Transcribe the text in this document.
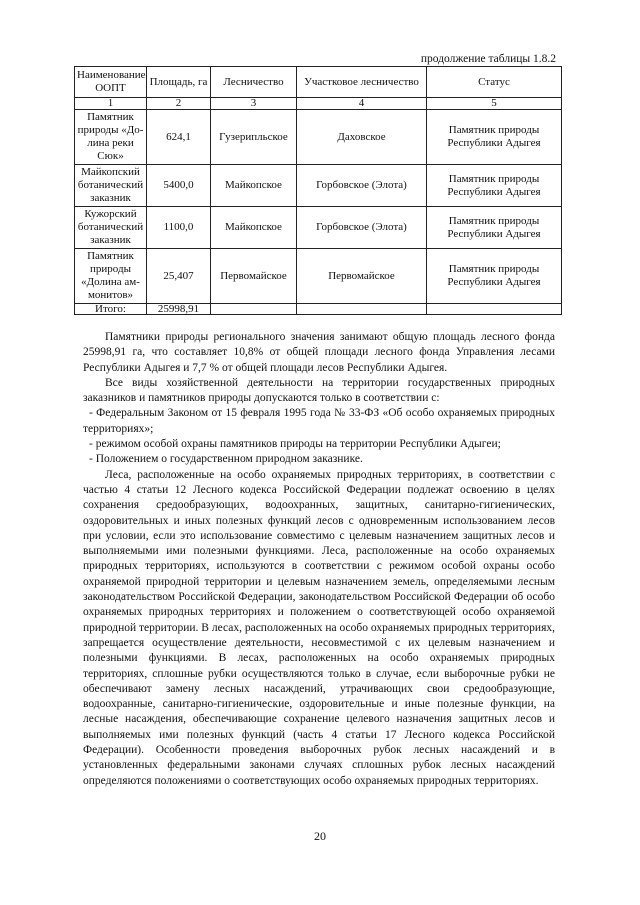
продолжение таблицы 1.8.2
Наименование ООПТ	Площадь, га	Лесничество	Участковое лесничество	Статус
1	2	3	4	5
Памятник природы «До-лина реки Сюк»	624,1	Гузерипльское	Даховское	Памятник природы Республики Адыгея
Майкопский ботанический заказник	5400,0	Майкопское	Горбовское (Элота)	Памятник природы Республики Адыгея
Кужорский ботанический заказник	1100,0	Майкопское	Горбовское (Элота)	Памятник природы Республики Адыгея
Памятник природы «Долина ам-монитов»	25,407	Первомайское	Первомайское	Памятник природы Республики Адыгея
Итого:	25998,91			

Памятники природы регионального значения занимают общую площадь лесного фонда 25998,91 га, что составляет 10,8% от общей площади лесного фонда Управления лесами Республики Адыгея и 7,7 % от общей площади лесов Республики Адыгея.

Все виды хозяйственной деятельности на территории государственных природных заказников и памятников природы допускаются только в соответствии с:

- Федеральным Законом от 15 февраля 1995 года № 33-ФЗ «Об особо охраняемых природных территориях»;

- режимом особой охраны памятников природы на территории Республики Адыгеи;

- Положением о государственном природном заказнике.

Леса, расположенные на особо охраняемых природных территориях, в соответствии с частью 4 статьи 12 Лесного кодекса Российской Федерации подлежат освоению в целях сохранения средообразующих, водоохранных, защитных, санитарно-гигиенических, оздоровительных и иных полезных функций лесов с одновременным использованием лесов при условии, если это использование совместимо с целевым назначением защитных лесов и выполняемыми ими полезными функциями. Леса, расположенные на особо охраняемых природных территориях, используются в соответствии с режимом особой охраны особо охраняемой природной территории и целевым назначением земель, определяемыми лесным законодательством Российской Федерации, законодательством Российской Федерации об особо охраняемых природных территориях и положением о соответствующей особо охраняемой природной территории. В лесах, расположенных на особо охраняемых природных территориях, запрещается осуществление деятельности, несовместимой с их целевым назначением и полезными функциями. В лесах, расположенных на особо охраняемых природных территориях, сплошные рубки осуществляются только в случае, если выборочные рубки не обеспечивают замену лесных насаждений, утрачивающих свои средообразующие, водоохранные, санитарно-гигиенические, оздоровительные и иные полезные функции, на лесные насаждения, обеспечивающие сохранение целевого назначения защитных лесов и выполняемых ими полезных функций (часть 4 статьи 17 Лесного кодекса Российской Федерации). Особенности проведения выборочных рубок лесных насаждений и в установленных федеральными законами случаях сплошных рубок лесных насаждений определяются положениями о соответствующих особо охраняемых природных территориях.

20
